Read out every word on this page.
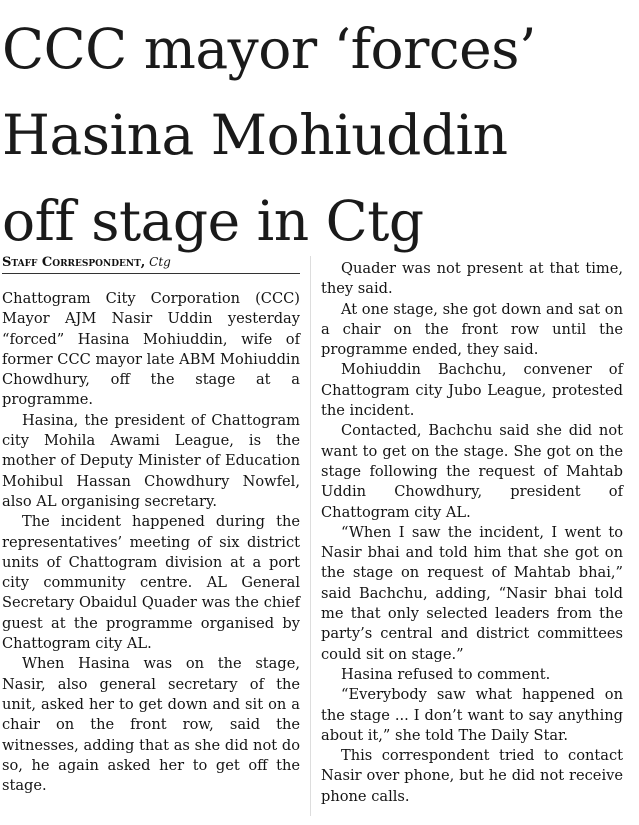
CCC mayor ‘forces’
Hasina Mohiuddin
off stage in Ctg
Staff Correspondent, Ctg

Chattogram City Corporation (CCC) Mayor AJM Nasir Uddin yesterday “forced” Hasina Mohiuddin, wife of former CCC mayor late ABM Mohiuddin Chowdhury, off the stage at a programme.

Hasina, the president of Chattogram city Mohila Awami League, is the mother of Deputy Minister of Education Mohibul Hassan Chowdhury Nowfel, also AL organising secretary.

The incident happened during the representatives’ meeting of six district units of Chattogram division at a port city community centre. AL General Secretary Obaidul Quader was the chief guest at the programme organised by Chattogram city AL.

When Hasina was on the stage, Nasir, also general secretary of the unit, asked her to get down and sit on a chair on the front row, said the witnesses, adding that as she did not do so, he again asked her to get off the stage.

Quader was not present at that time, they said.

At one stage, she got down and sat on a chair on the front row until the programme ended, they said.

Mohiuddin Bachchu, convener of Chattogram city Jubo League, protested the incident.

Contacted, Bachchu said she did not want to get on the stage. She got on the stage following the request of Mahtab Uddin Chowdhury, president of Chattogram city AL.

“When I saw the incident, I went to Nasir bhai and told him that she got on the stage on request of Mahtab bhai,” said Bachchu, adding, “Nasir bhai told me that only selected leaders from the party’s central and district committees could sit on stage.”

Hasina refused to comment.

“Everybody saw what happened on the stage ... I don’t want to say anything about it,” she told The Daily Star.

This correspondent tried to contact Nasir over phone, but he did not receive phone calls.
